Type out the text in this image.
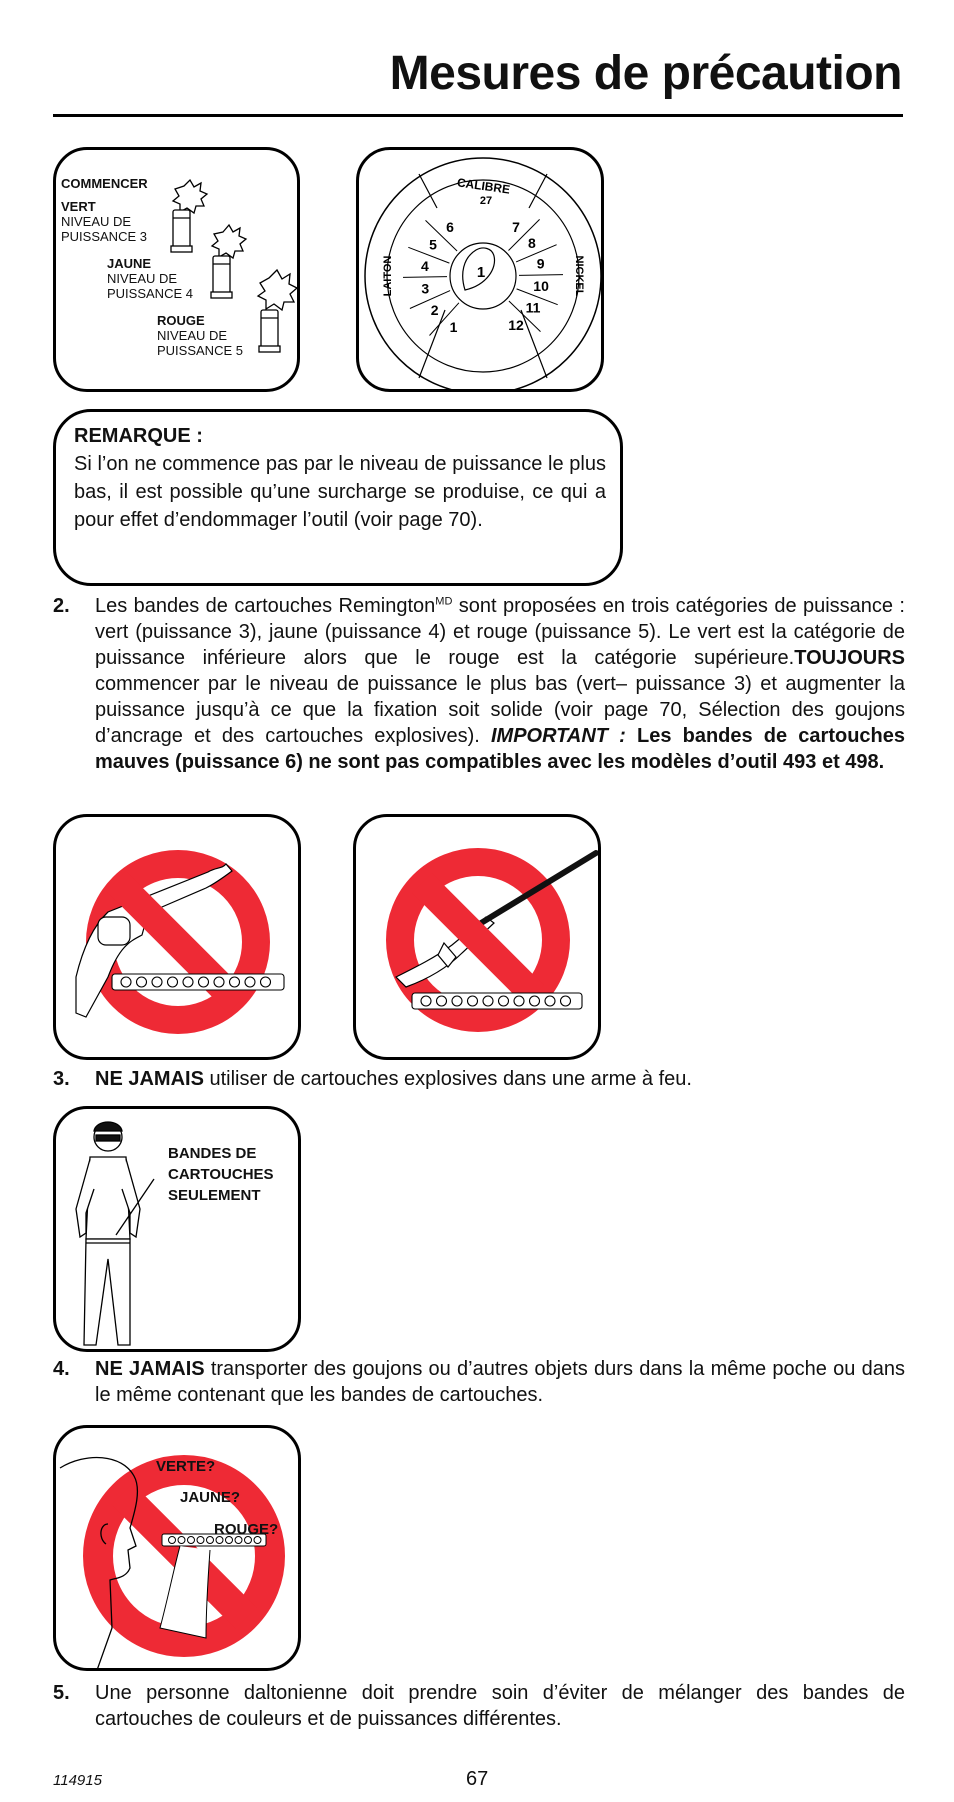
Mesures de précaution
COMMENCER
VERT
NIVEAU DE
PUISSANCE 3
JAUNE
NIVEAU DE
PUISSANCE 4
ROUGE
NIVEAU DE
PUISSANCE 5
CALIBRE
27
LAITON	NICKEL
1
1
2
3
4
5
6	7
8
9
10
11
12
REMARQUE :
Si l’on ne commence pas par le niveau de puissance le plus bas, il est possible qu’une surcharge se produise, ce qui a pour effet d’endommager l’outil (voir page 70).
2. Les bandes de cartouches Remington$^{MD}$ sont proposées en trois catégories de puissance : vert (puissance 3), jaune (puissance 4) et rouge (puissance 5). Le vert est la catégorie de puissance inférieure alors que le rouge est la catégorie supérieure.TOUJOURS commencer par le niveau de puissance le plus bas (vert– puissance 3) et augmenter la puissance jusqu’à ce que la fixation soit solide (voir page 70, Sélection des goujons d’ancrage et des cartouches explosives). IMPORTANT : Les bandes de cartouches mauves (puissance 6) ne sont pas compatibles avec les modèles d’outil 493 et 498.
3. NE JAMAIS utiliser de cartouches explosives dans une arme à feu.
BANDES DE
CARTOUCHES
SEULEMENT
4. NE JAMAIS transporter des goujons ou d’autres objets durs dans la même poche ou dans le même contenant que les bandes de cartouches.
VERTE?
JAUNE?
ROUGE?
5. Une personne daltonienne doit prendre soin d’éviter de mélanger des bandes de cartouches de couleurs et de puissances différentes.
114915	67
